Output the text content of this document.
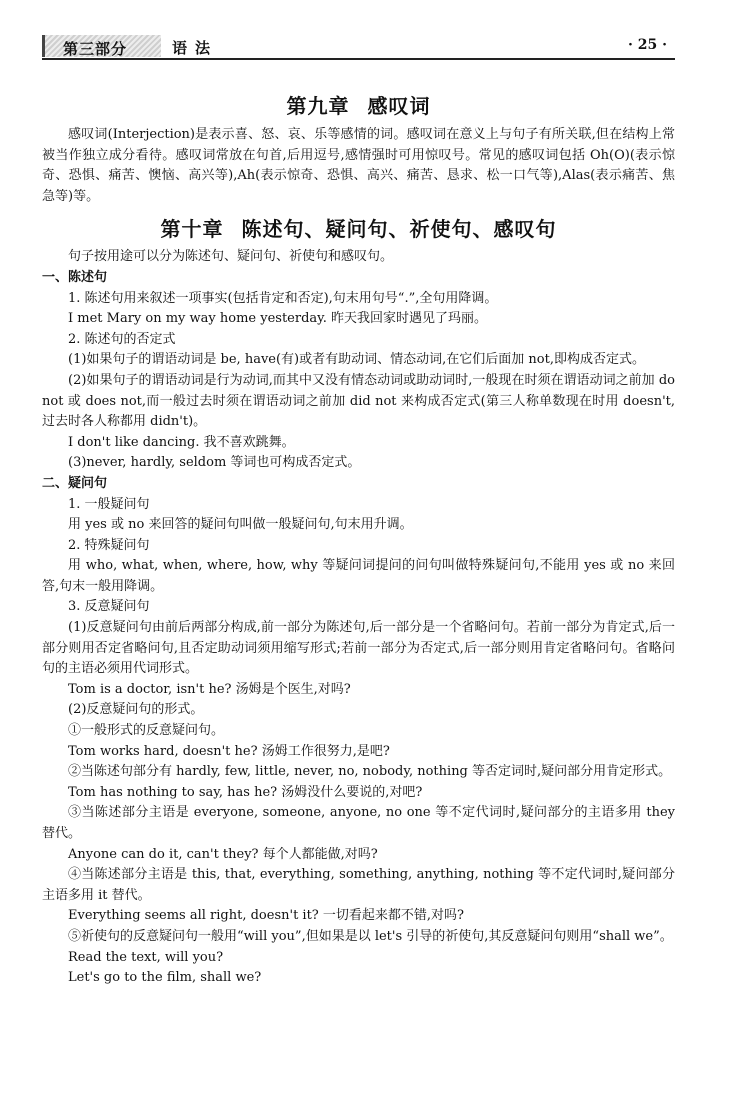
第三部分	语法	· 25 ·
第九章 感叹词

感叹词(Interjection)是表示喜、怒、哀、乐等感情的词。感叹词在意义上与句子有所关联,但在结构上常被当作独立成分看待。感叹词常放在句首,后用逗号,感情强时可用惊叹号。常见的感叹词包括 Oh(O)(表示惊奇、恐惧、痛苦、懊恼、高兴等),Ah(表示惊奇、恐惧、高兴、痛苦、恳求、松一口气等),Alas(表示痛苦、焦急等)等。

第十章 陈述句、疑问句、祈使句、感叹句

句子按用途可以分为陈述句、疑问句、祈使句和感叹句。

一、陈述句

1. 陈述句用来叙述一项事实(包括肯定和否定),句末用句号“.”,全句用降调。

I met Mary on my way home yesterday. 昨天我回家时遇见了玛丽。

2. 陈述句的否定式

(1)如果句子的谓语动词是 be, have(有)或者有助动词、情态动词,在它们后面加 not,即构成否定式。

(2)如果句子的谓语动词是行为动词,而其中又没有情态动词或助动词时,一般现在时须在谓语动词之前加 do not 或 does not,而一般过去时须在谓语动词之前加 did not 来构成否定式(第三人称单数现在时用 doesn't,过去时各人称都用 didn't)。

I don't like dancing. 我不喜欢跳舞。

(3)never, hardly, seldom 等词也可构成否定式。

二、疑问句

1. 一般疑问句

用 yes 或 no 来回答的疑问句叫做一般疑问句,句末用升调。

2. 特殊疑问句

用 who, what, when, where, how, why 等疑问词提问的问句叫做特殊疑问句,不能用 yes 或 no 来回答,句末一般用降调。

3. 反意疑问句

(1)反意疑问句由前后两部分构成,前一部分为陈述句,后一部分是一个省略问句。若前一部分为肯定式,后一部分则用否定省略问句,且否定助动词须用缩写形式;若前一部分为否定式,后一部分则用肯定省略问句。省略问句的主语必须用代词形式。

Tom is a doctor, isn't he? 汤姆是个医生,对吗?

(2)反意疑问句的形式。

①一般形式的反意疑问句。

Tom works hard, doesn't he? 汤姆工作很努力,是吧?

②当陈述句部分有 hardly, few, little, never, no, nobody, nothing 等否定词时,疑问部分用肯定形式。

Tom has nothing to say, has he? 汤姆没什么要说的,对吧?

③当陈述部分主语是 everyone, someone, anyone, no one 等不定代词时,疑问部分的主语多用 they 替代。

Anyone can do it, can't they? 每个人都能做,对吗?

④当陈述部分主语是 this, that, everything, something, anything, nothing 等不定代词时,疑问部分主语多用 it 替代。

Everything seems all right, doesn't it? 一切看起来都不错,对吗?

⑤祈使句的反意疑问句一般用“will you”,但如果是以 let's 引导的祈使句,其反意疑问句则用“shall we”。

Read the text, will you?

Let's go to the film, shall we?
